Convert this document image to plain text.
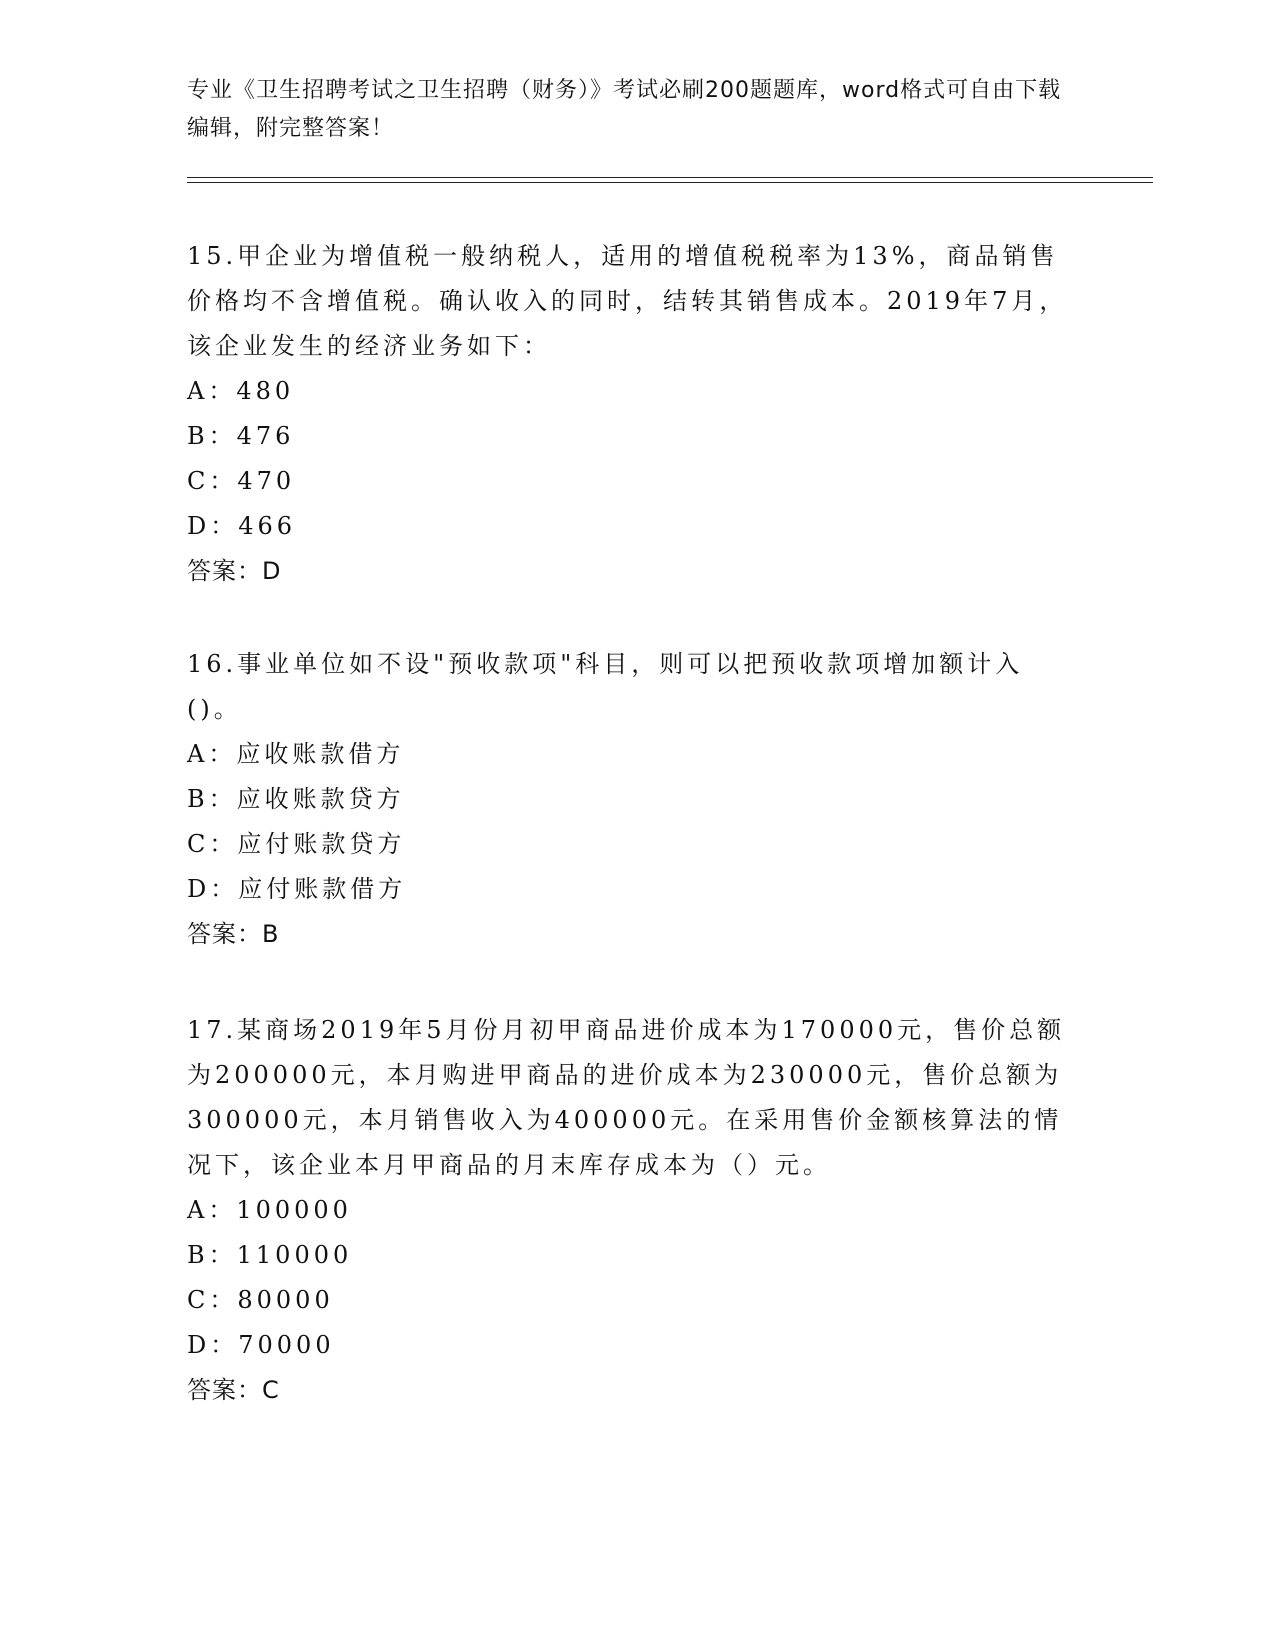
专业《卫生招聘考试之卫生招聘（财务）》考试必刷200题题库，word格式可自由下载编辑，附完整答案！
15.甲企业为增值税一般纳税人，适用的增值税税率为13%，商品销售价格均不含增值税。确认收入的同时，结转其销售成本。2019年7月，该企业发生的经济业务如下：
A：480
B：476
C：470
D：466
答案：D
16.事业单位如不设"预收款项"科目，则可以把预收款项增加额计入()。
A：应收账款借方
B：应收账款贷方
C：应付账款贷方
D：应付账款借方
答案：B
17.某商场2019年5月份月初甲商品进价成本为170000元，售价总额为200000元，本月购进甲商品的进价成本为230000元，售价总额为300000元，本月销售收入为400000元。在采用售价金额核算法的情况下，该企业本月甲商品的月末库存成本为（）元。
A：100000
B：110000
C：80000
D：70000
答案：C
